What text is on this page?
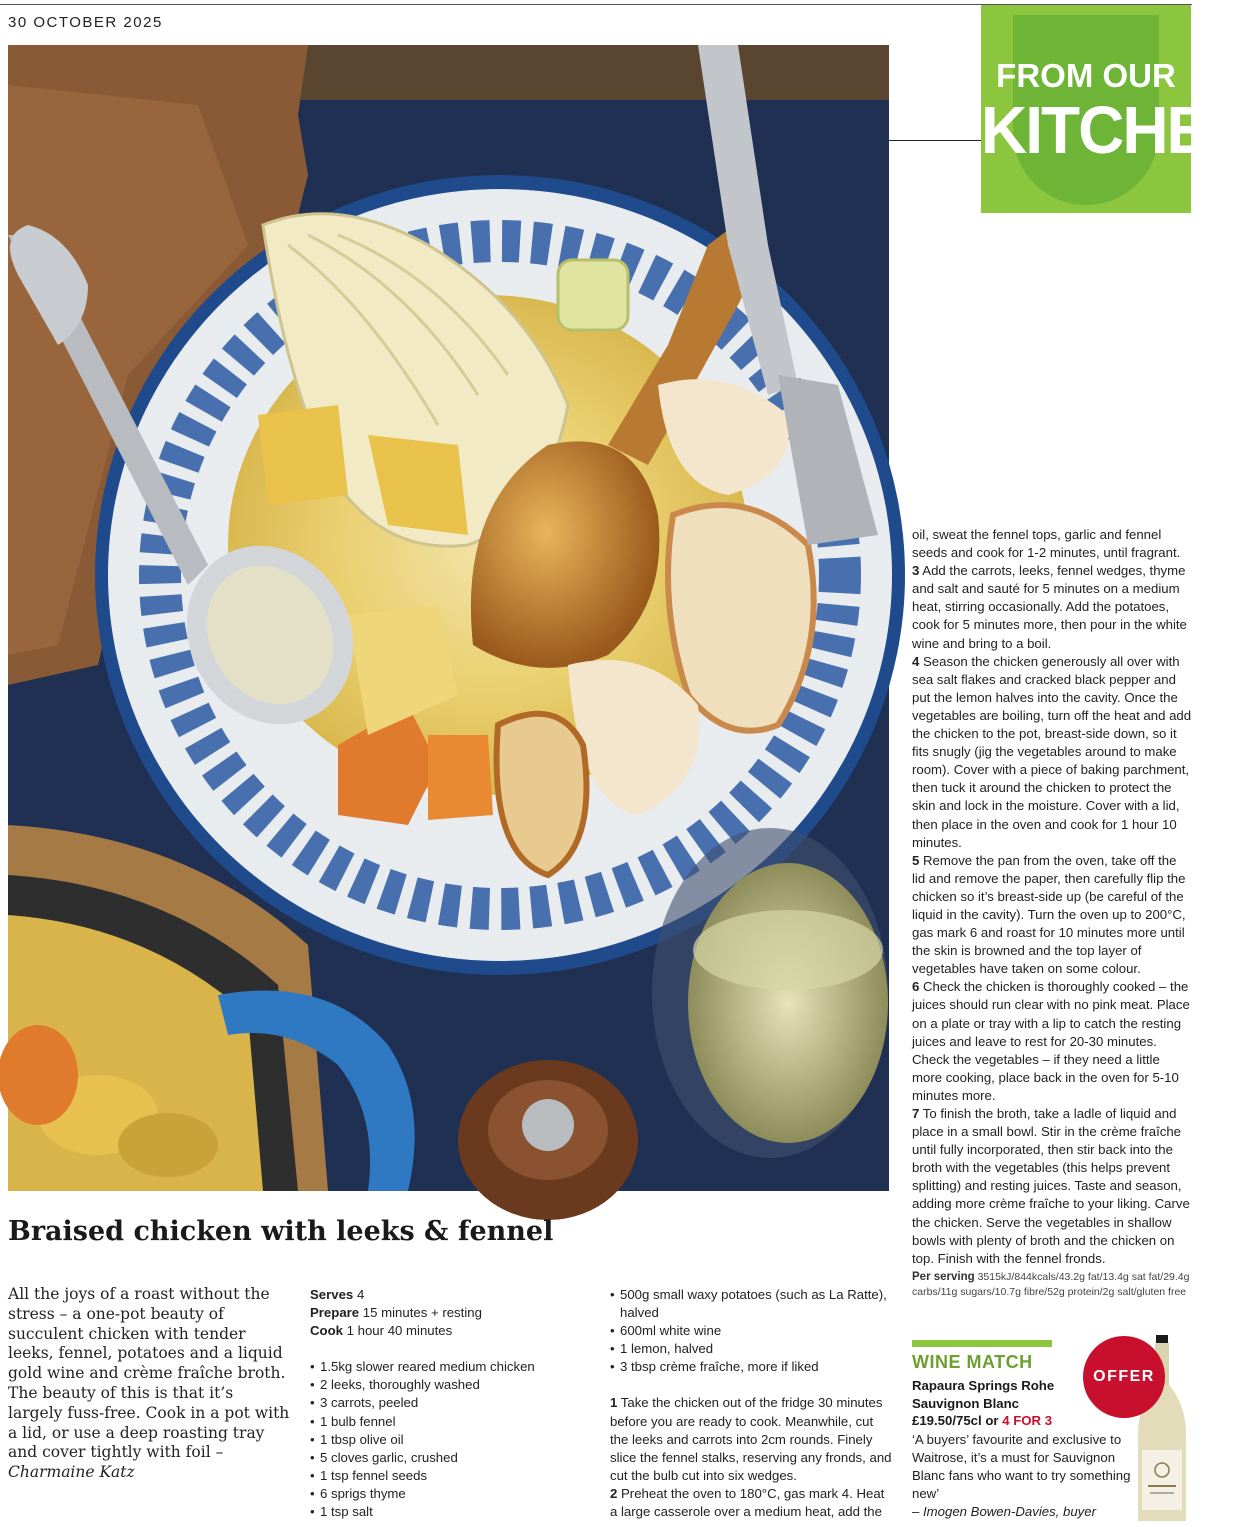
30 OCTOBER 2025
FROM OUR
KITCHEN
Braised chicken with leeks & fennel
All the joys of a roast without the stress – a one-pot beauty of succulent chicken with tender leeks, fennel, potatoes and a liquid gold wine and crème fraîche broth. The beauty of this is that it’s largely fuss-free. Cook in a pot with a lid, or use a deep roasting tray and cover tightly with foil – Charmaine Katz
Serves 4
Prepare 15 minutes + resting
Cook 1 hour 40 minutes
• 1.5kg slower reared medium chicken
• 2 leeks, thoroughly washed
• 3 carrots, peeled
• 1 bulb fennel
• 1 tbsp olive oil
• 5 cloves garlic, crushed
• 1 tsp fennel seeds
• 6 sprigs thyme
• 1 tsp salt
• 500g small waxy potatoes (such as La Ratte), halved
• 600ml white wine
• 1 lemon, halved
• 3 tbsp crème fraîche, more if liked
1 Take the chicken out of the fridge 30 minutes before you are ready to cook. Meanwhile, cut the leeks and carrots into 2cm rounds. Finely slice the fennel stalks, reserving any fronds, and cut the bulb cut into six wedges.
2 Preheat the oven to 180°C, gas mark 4. Heat a large casserole over a medium heat, add the
oil, sweat the fennel tops, garlic and fennel seeds and cook for 1-2 minutes, until fragrant.
3 Add the carrots, leeks, fennel wedges, thyme and salt and sauté for 5 minutes on a medium heat, stirring occasionally. Add the potatoes, cook for 5 minutes more, then pour in the white wine and bring to a boil.
4 Season the chicken generously all over with sea salt flakes and cracked black pepper and put the lemon halves into the cavity. Once the vegetables are boiling, turn off the heat and add the chicken to the pot, breast-side down, so it fits snugly (jig the vegetables around to make room). Cover with a piece of baking parchment, then tuck it around the chicken to protect the skin and lock in the moisture. Cover with a lid, then place in the oven and cook for 1 hour 10 minutes.
5 Remove the pan from the oven, take off the lid and remove the paper, then carefully flip the chicken so it’s breast-side up (be careful of the liquid in the cavity). Turn the oven up to 200°C, gas mark 6 and roast for 10 minutes more until the skin is browned and the top layer of vegetables have taken on some colour.
6 Check the chicken is thoroughly cooked – the juices should run clear with no pink meat. Place on a plate or tray with a lip to catch the resting juices and leave to rest for 20-30 minutes. Check the vegetables – if they need a little more cooking, place back in the oven for 5-10 minutes more.
7 To finish the broth, take a ladle of liquid and place in a small bowl. Stir in the crème fraîche until fully incorporated, then stir back into the broth with the vegetables (this helps prevent splitting) and resting juices. Taste and season, adding more crème fraîche to your liking. Carve the chicken. Serve the vegetables in shallow bowls with plenty of broth and the chicken on top. Finish with the fennel fronds.
Per serving 3515kJ/844kcals/43.2g fat/13.4g sat fat/29.4g carbs/11g sugars/10.7g fibre/52g protein/2g salt/gluten free
WINE MATCH
Rapaura Springs Rohe Sauvignon Blanc
£19.50/75cl or 4 FOR 3
‘A buyers’ favourite and exclusive to Waitrose, it’s a must for Sauvignon Blanc fans who want to try something new’
– Imogen Bowen-Davies, buyer
OFFER
